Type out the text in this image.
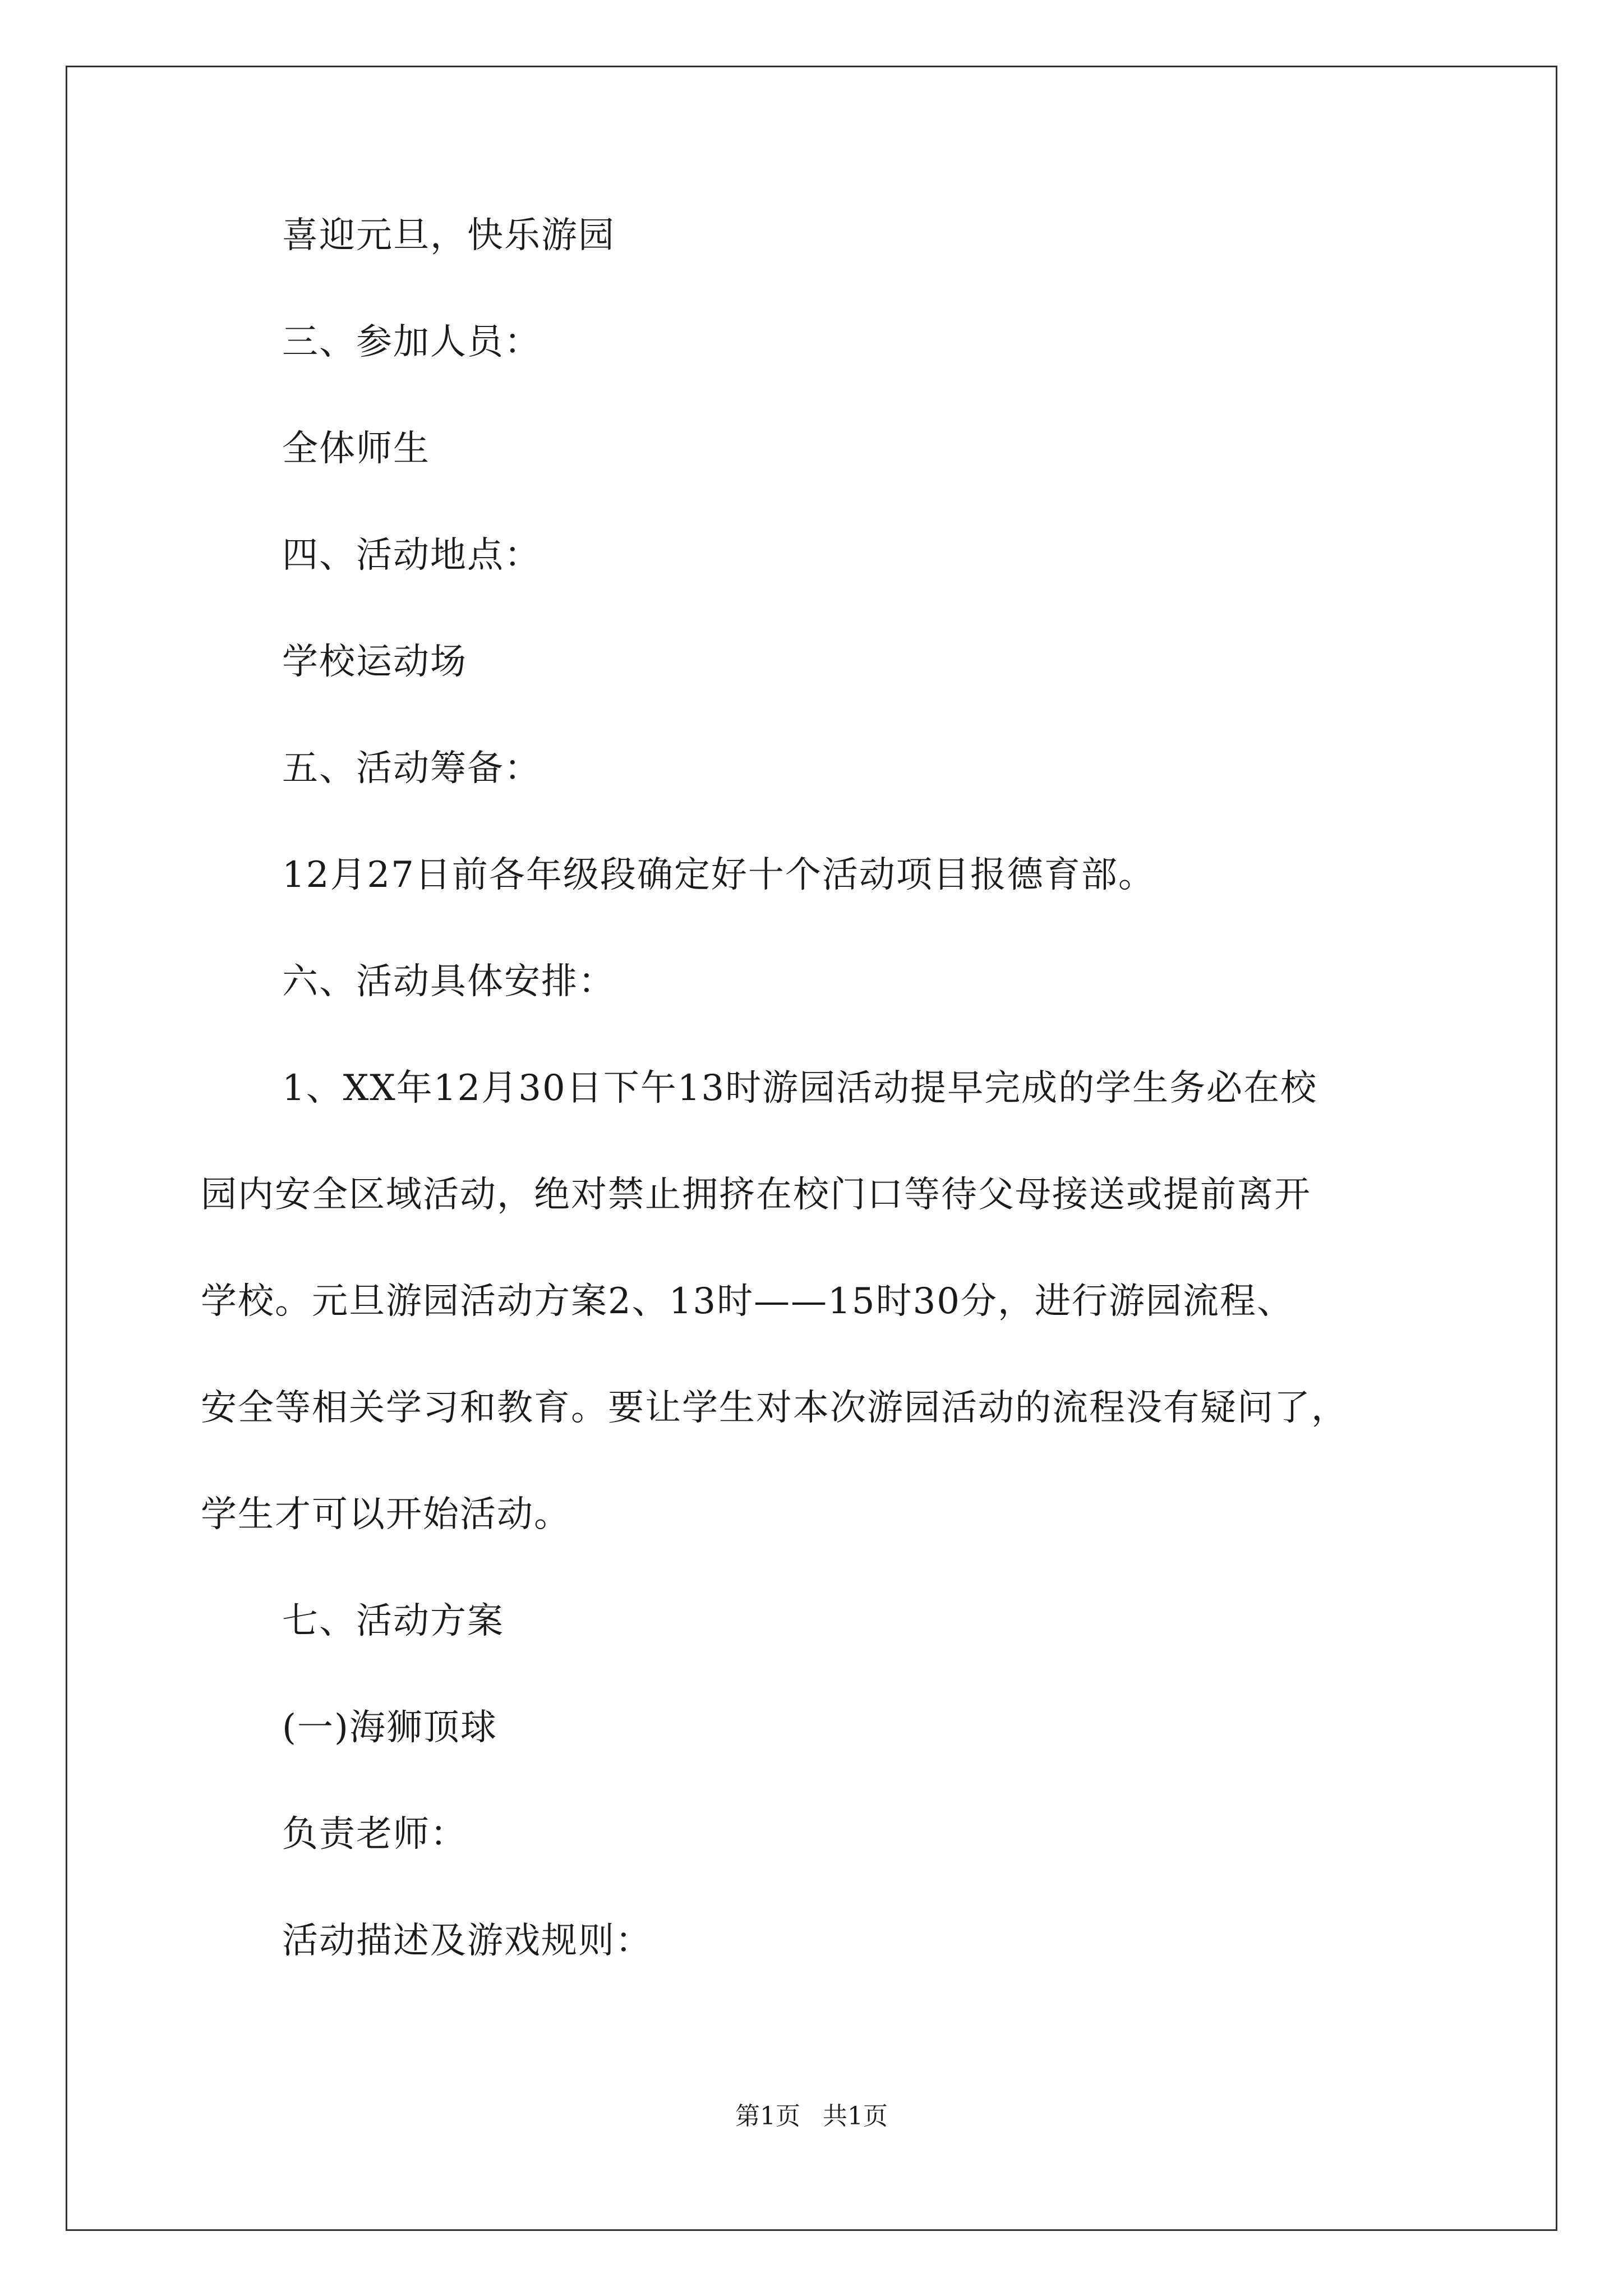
喜迎元旦，快乐游园
三、参加人员：
全体师生
四、活动地点：
学校运动场
五、活动筹备：
12月27日前各年级段确定好十个活动项目报德育部。
六、活动具体安排：
1、XX年12月30日下午13时游园活动提早完成的学生务必在校
园内安全区域活动，绝对禁止拥挤在校门口等待父母接送或提前离开
学校。元旦游园活动方案2、13时——15时30分，进行游园流程、
安全等相关学习和教育。要让学生对本次游园活动的流程没有疑问了，
学生才可以开始活动。
七、活动方案
(一)海狮顶球
负责老师：
活动描述及游戏规则：
第1页 共1页
